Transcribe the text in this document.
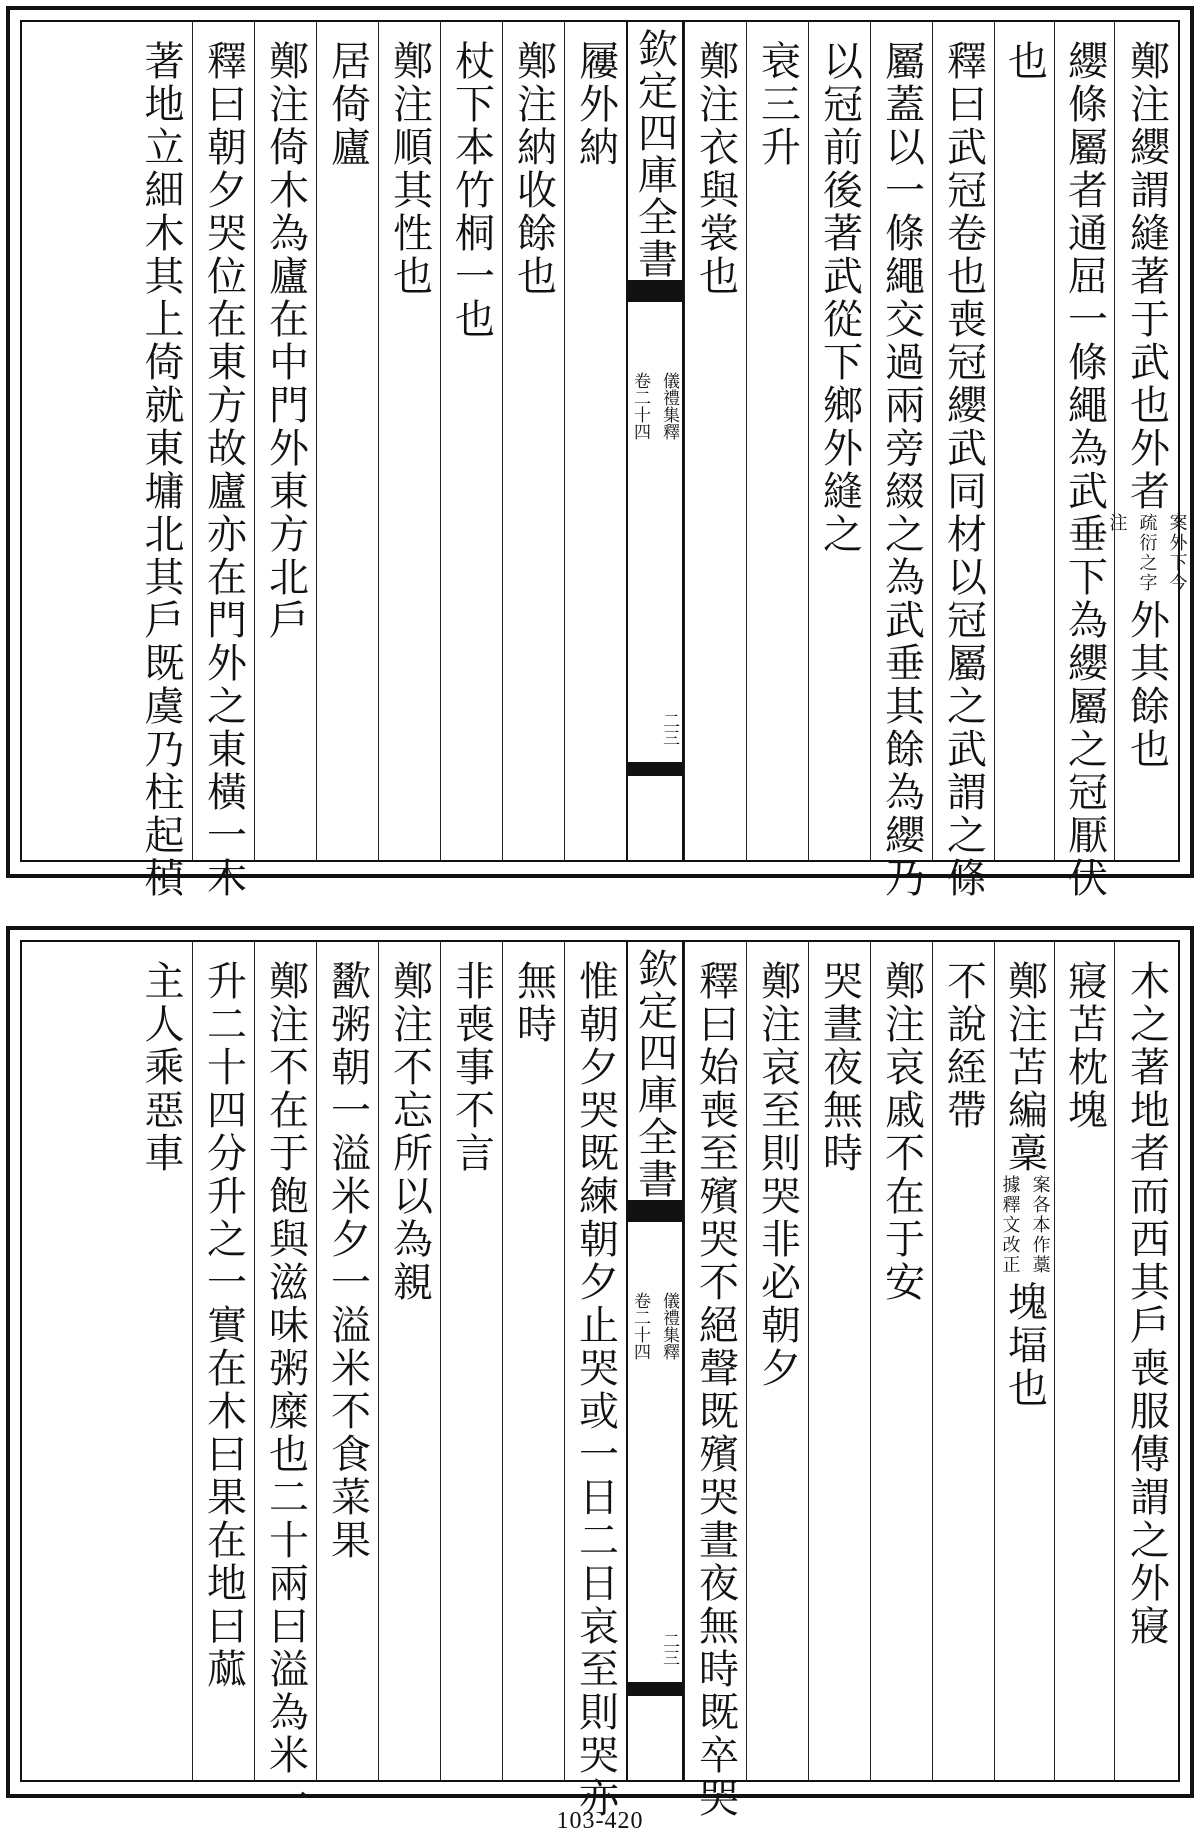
鄭注纓謂縫著于武也外者
案外下今
疏衍之字
注
外其餘也
纓條屬者通屈一條繩為武垂下為纓屬之冠厭伏
也
釋曰武冠卷也喪冠纓武同材以冠屬之武謂之條
屬蓋以一條繩交過兩旁綴之為武垂其餘為纓乃
以冠前後著武從下鄉外縫之
衰三升
鄭注衣與裳也
欽定四庫全書
儀禮集釋
卷二十四
二三
屨外納
鄭注納收餘也
杖下本竹桐一也
鄭注順其性也
居倚廬
鄭注倚木為廬在中門外東方北戶
釋曰朝夕哭位在東方故廬亦在門外之東橫一木
著地立細木其上倚就東墉北其戶既虞乃柱起楨
木之著地者而西其戶喪服傳謂之外寢
寢苫枕塊
鄭注苫編稾
案各本作藁
據釋文改正
塊堛也
不說絰帶
鄭注哀戚不在于安
哭晝夜無時
鄭注哀至則哭非必朝夕
釋曰始喪至殯哭不絕聲既殯哭晝夜無時既卒哭
欽定四庫全書
儀禮集釋
卷二十四
二三
惟朝夕哭既練朝夕止哭或一日二日哀至則哭亦
無時
非喪事不言
鄭注不忘所以為親
歠粥朝一溢米夕一溢米不食菜果
鄭注不在于飽與滋味粥糜也二十兩曰溢為米一
升二十四分升之一實在木曰果在地曰蓏
主人乘惡車
103-420
